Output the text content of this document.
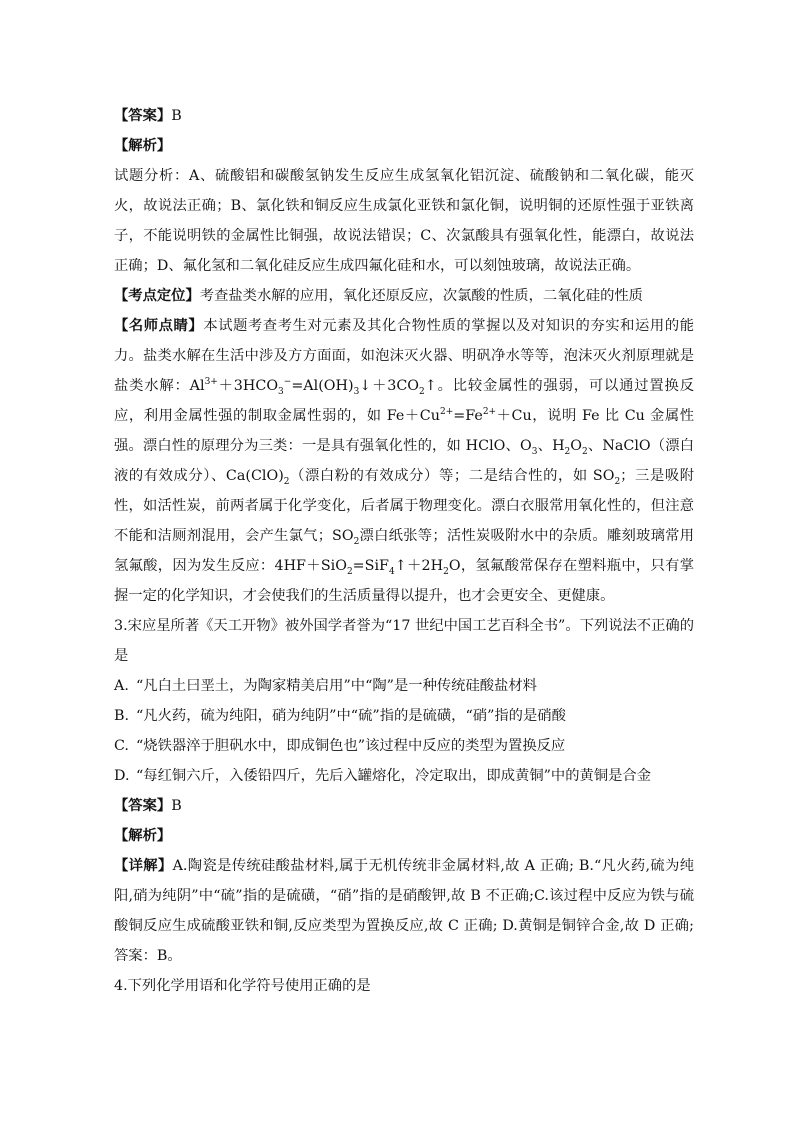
【答案】B

【解析】

试题分析：A、硫酸铝和碳酸氢钠发生反应生成氢氧化铝沉淀、硫酸钠和二氧化碳，能灭火，故说法正确；B、氯化铁和铜反应生成氯化亚铁和氯化铜，说明铜的还原性强于亚铁离子，不能说明铁的金属性比铜强，故说法错误；C、次氯酸具有强氧化性，能漂白，故说法正确；D、氟化氢和二氧化硅反应生成四氟化硅和水，可以刻蚀玻璃，故说法正确。

【考点定位】考查盐类水解的应用，氧化还原反应，次氯酸的性质，二氧化硅的性质

【名师点睛】本试题考查考生对元素及其化合物性质的掌握以及对知识的夯实和运用的能力。盐类水解在生活中涉及方方面面，如泡沫灭火器、明矾净水等等，泡沫灭火剂原理就是盐类水解：$Al^{3+}+3HCO_3^-=Al(OH)_3↓+3CO_2↑$。比较金属性的强弱，可以通过置换反应，利用金属性强的制取金属性弱的，如 $Fe+Cu^{2+}=Fe^{2+}+Cu$，说明 Fe 比 Cu 金属性强。漂白性的原理分为三类：一是具有强氧化性的，如 HClO、$O_3$、$H_2O_2$、NaClO（漂白液的有效成分）、$Ca(ClO)_2$（漂白粉的有效成分）等；二是结合性的，如 $SO_2$；三是吸附性，如活性炭，前两者属于化学变化，后者属于物理变化。漂白衣服常用氧化性的，但注意不能和洁厕剂混用，会产生氯气；$SO_2$漂白纸张等；活性炭吸附水中的杂质。雕刻玻璃常用氢氟酸，因为发生反应：$4HF+SiO_2=SiF_4↑+2H_2O$，氢氟酸常保存在塑料瓶中，只有掌握一定的化学知识，才会使我们的生活质量得以提升，也才会更安全、更健康。

3.宋应星所著《天工开物》被外国学者誉为“17 世纪中国工艺百科全书”。下列说法不正确的是

A. “凡白土曰垩土，为陶家精美启用”中“陶”是一种传统硅酸盐材料

B. “凡火药，硫为纯阳，硝为纯阴”中“硫”指的是硫磺，“硝”指的是硝酸

C. “烧铁器淬于胆矾水中，即成铜色也”该过程中反应的类型为置换反应

D. “每红铜六斤，入倭铅四斤，先后入罐熔化，冷定取出，即成黄铜”中的黄铜是合金

【答案】B

【解析】

【详解】A.陶瓷是传统硅酸盐材料,属于无机传统非金属材料,故 A 正确; B.“凡火药,硫为纯阳,硝为纯阴”中“硫”指的是硫磺，“硝”指的是硝酸钾,故 B 不正确;C.该过程中反应为铁与硫酸铜反应生成硫酸亚铁和铜,反应类型为置换反应,故 C 正确; D.黄铜是铜锌合金,故 D 正确; 答案：B。

4.下列化学用语和化学符号使用正确的是
